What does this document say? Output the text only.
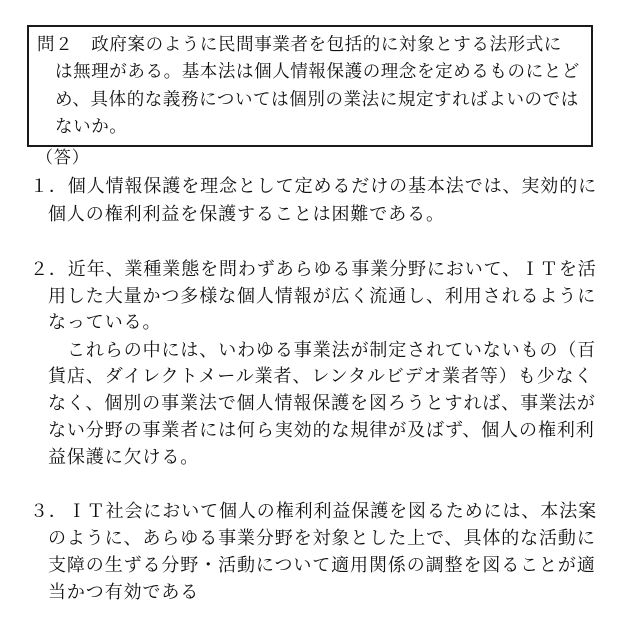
問２　政府案のように民間事業者を包括的に対象とする法形式に
は無理がある。基本法は個人情報保護の理念を定めるものにとど
め、具体的な義務については個別の業法に規定すればよいのでは
ないか。
（答）
１．個人情報保護を理念として定めるだけの基本法では、実効的に
個人の権利利益を保護することは困難である。
２．近年、業種業態を問わずあらゆる事業分野において、ＩＴを活
用した大量かつ多様な個人情報が広く流通し、利用されるように
なっている。
これらの中には、いわゆる事業法が制定されていないもの（百
貨店、ダイレクトメール業者、レンタルビデオ業者等）も少なく
なく、個別の事業法で個人情報保護を図ろうとすれば、事業法が
ない分野の事業者には何ら実効的な規律が及ばず、個人の権利利
益保護に欠ける。
３．ＩＴ社会において個人の権利利益保護を図るためには、本法案
のように、あらゆる事業分野を対象とした上で、具体的な活動に
支障の生ずる分野・活動について適用関係の調整を図ることが適
当かつ有効である
